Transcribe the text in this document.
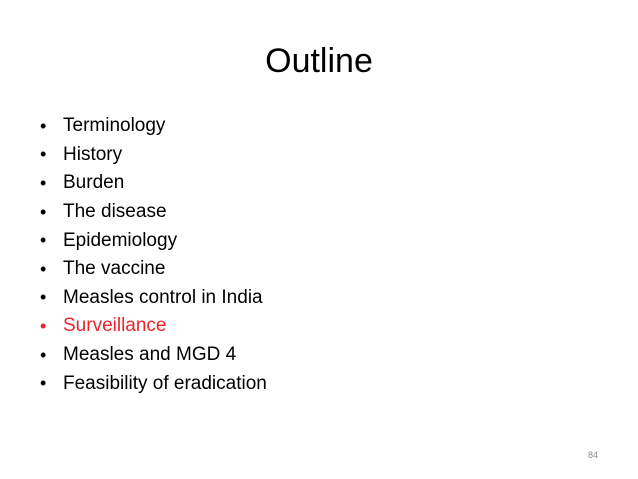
Outline
• Terminology
• History
• Burden
• The disease
• Epidemiology
• The vaccine
• Measles control in India
• Surveillance
• Measles and MGD 4
• Feasibility of eradication
84
